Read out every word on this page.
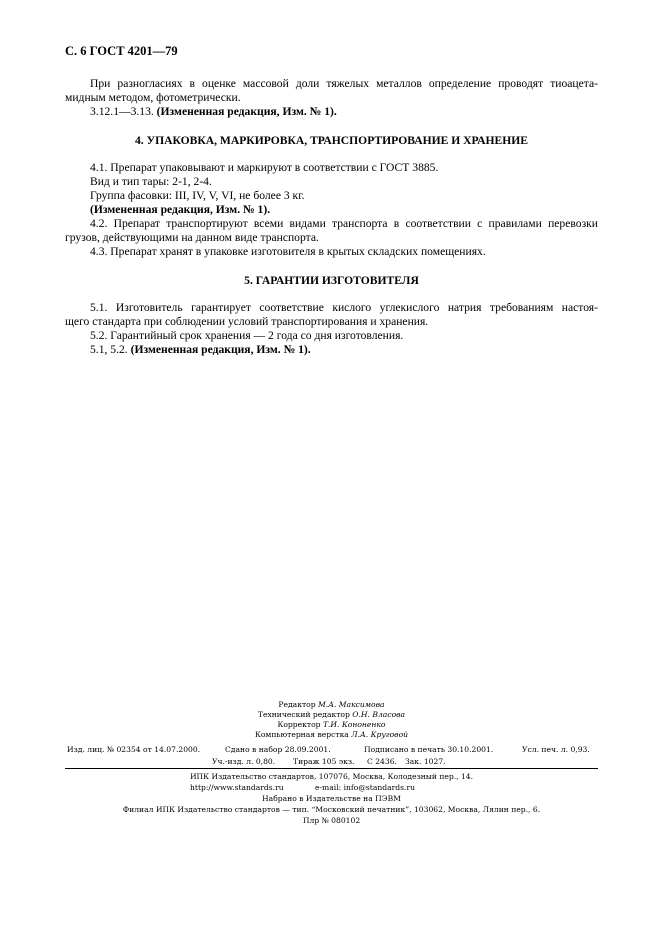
С. 6 ГОСТ 4201—79
При разногласиях в оценке массовой доли тяжелых металлов определение проводят тиоацета-
мидным методом, фотометрически.
3.12.1—3.13. (Измененная редакция, Изм. № 1).
4. УПАКОВКА, МАРКИРОВКА, ТРАНСПОРТИРОВАНИЕ И ХРАНЕНИЕ
4.1. Препарат упаковывают и маркируют в соответствии с ГОСТ 3885.
Вид и тип тары: 2-1, 2-4.
Группа фасовки: III, IV, V, VI, не более 3 кг.
(Измененная редакция, Изм. № 1).
4.2. Препарат транспортируют всеми видами транспорта в соответствии с правилами перевозки
грузов, действующими на данном виде транспорта.
4.3. Препарат хранят в упаковке изготовителя в крытых складских помещениях.
5. ГАРАНТИИ ИЗГОТОВИТЕЛЯ
5.1. Изготовитель гарантирует соответствие кислого углекислого натрия требованиям настоя-
щего стандарта при соблюдении условий транспортирования и хранения.
5.2. Гарантийный срок хранения — 2 года со дня изготовления.
5.1, 5.2. (Измененная редакция, Изм. № 1).
Редактор М.А. Максимова
Технический редактор О.Н. Власова
Корректор Т.И. Кононенко
Компьютерная верстка Л.А. Круговой
Изд. лиц. № 02354 от 14.07.2000.	Сдано в набор 28.09.2001.	Подписано в печать 30.10.2001.	Усл. печ. л. 0,93.
Уч.-изд. л. 0,80. Тираж 105 экз. С 2436. Зак. 1027.
ИПК Издательство стандартов, 107076, Москва, Колодезный пер., 14.
http://www.standards.ru	e-mail: info@standards.ru
Набрано в Издательстве на ПЭВМ
Филиал ИПК Издательство стандартов — тип. “Московский печатник”, 103062, Москва, Лялин пер., 6.
Плр № 080102
